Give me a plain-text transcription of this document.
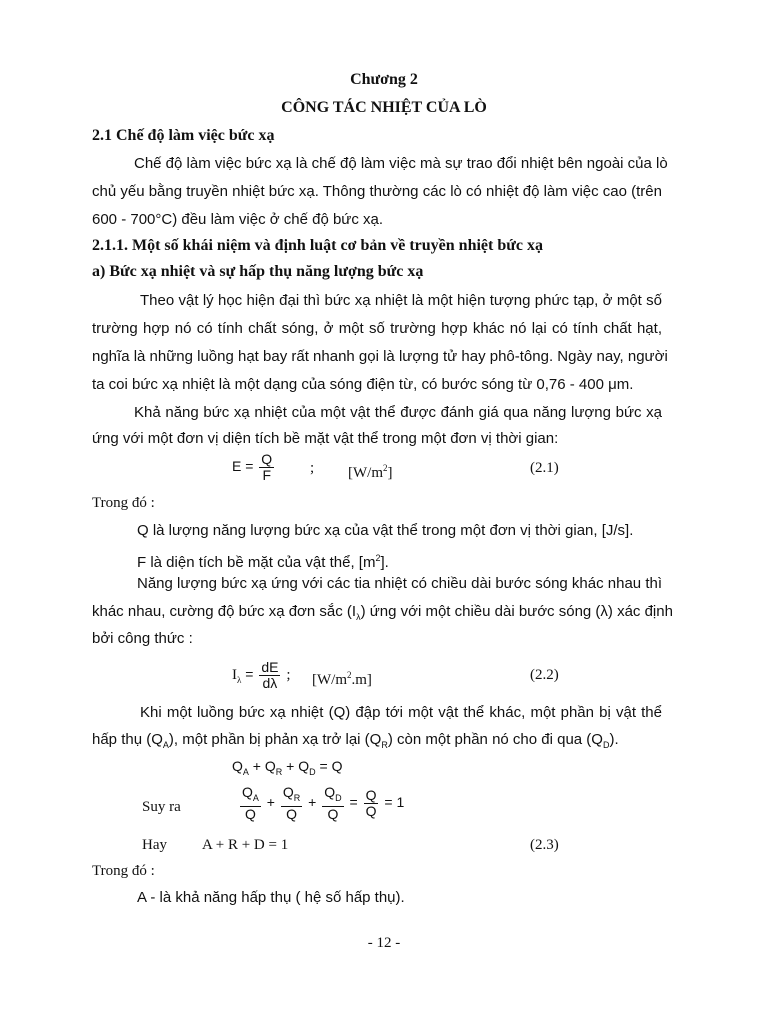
Chương 2
CÔNG TÁC NHIỆT CỦA LÒ
2.1 Chế độ làm việc bức xạ
Chế độ làm việc bức xạ là chế độ làm việc mà sự trao đổi nhiệt bên ngoài của lò
chủ yếu bằng truyền nhiệt bức xạ. Thông thường các lò có nhiệt độ làm việc cao (trên
600 - 700°C) đều làm việc ở chế độ bức xạ.
2.1.1. Một số khái niệm và định luật cơ bản về truyền nhiệt bức xạ
a) Bức xạ nhiệt và sự hấp thụ năng lượng bức xạ
Theo vật lý học hiện đại thì bức xạ nhiệt là một hiện tượng phức tạp, ở một số
trường hợp nó có tính chất sóng, ở một số trường hợp khác nó lại có tính chất hạt,
nghĩa là những luồng hạt bay rất nhanh gọi là lượng tử hay phô-tông. Ngày nay, người
ta coi bức xạ nhiệt là một dạng của sóng điện từ, có bước sóng từ 0,76 - 400 μm.
Khả năng bức xạ nhiệt của một vật thể được đánh giá qua năng lượng bức xạ
ứng với một đơn vị diện tích bề mặt vật thể trong một đơn vị thời gian:
$E = \frac{Q}{F}$ ; $[W/m^2]$	(2.1)
Trong đó :
Q là lượng năng lượng bức xạ của vật thể trong một đơn vị thời gian, [J/s].
F là diện tích bề mặt của vật thể, $[m^2]$.
Năng lượng bức xạ ứng với các tia nhiệt có chiều dài bước sóng khác nhau thì
khác nhau, cường độ bức xạ đơn sắc $(I_\lambda)$ ứng với một chiều dài bước sóng (λ) xác định
bởi công thức :
$I_\lambda = \frac{dE}{d\lambda}$ ; $[W/m^2.m]$	(2.2)
Khi một luồng bức xạ nhiệt (Q) đập tới một vật thể khác, một phần bị vật thể
hấp thụ $(Q_A)$, một phần bị phản xạ trở lại $(Q_R)$ còn một phần nó cho đi qua $(Q_D)$.
$Q_A + Q_R + Q_D = Q$
Suy ra	$\frac{Q_A}{Q} + \frac{Q_R}{Q} + \frac{Q_D}{Q} = \frac{Q}{Q} = 1$
Hay A + R + D = 1	(2.3)
Trong đó :
A - là khả năng hấp thụ ( hệ số hấp thụ).
- 12 -
